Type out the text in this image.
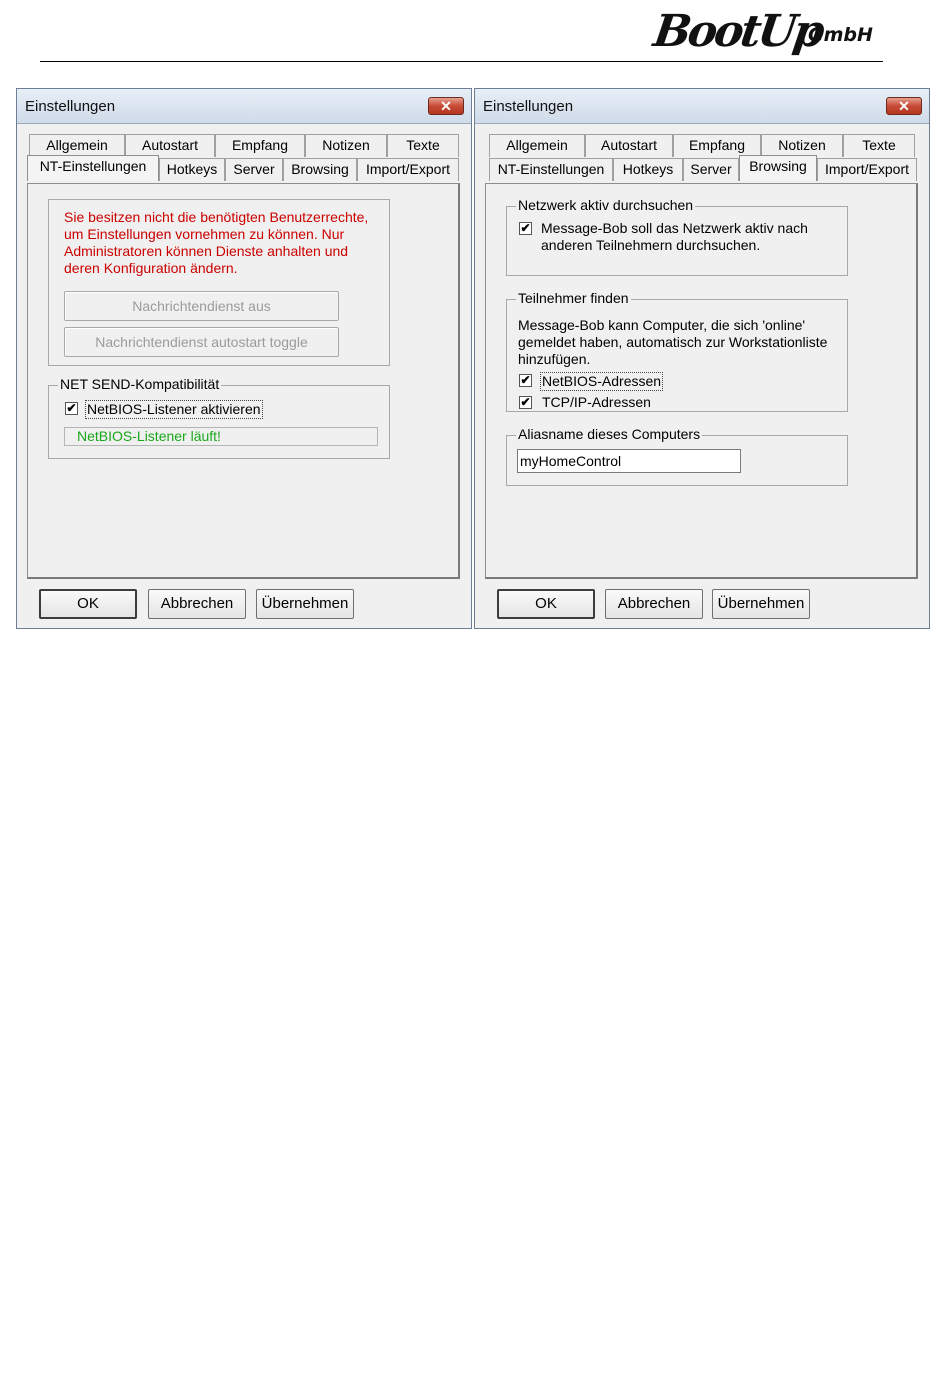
BootUp
GmbH
Einstellungen	✕
Allgemein	Autostart	Empfang	Notizen	Texte
NT-Einstellungen	Hotkeys	Server	Browsing	Import/Export
Sie besitzen nicht die benötigten Benutzerrechte,
um Einstellungen vornehmen zu können. Nur
Administratoren können Dienste anhalten und
deren Konfiguration ändern.
Nachrichtendienst aus
Nachrichtendienst autostart toggle
NET SEND-Kompatibilität
✔ NetBIOS-Listener aktivieren
NetBIOS-Listener läuft!
OK	Abbrechen	Übernehmen
Einstellungen	✕
Allgemein	Autostart	Empfang	Notizen	Texte
NT-Einstellungen	Hotkeys	Server	Browsing	Import/Export
Netzwerk aktiv durchsuchen
✔ Message-Bob soll das Netzwerk aktiv nach
anderen Teilnehmern durchsuchen.
Teilnehmer finden
Message-Bob kann Computer, die sich 'online'
gemeldet haben, automatisch zur Workstationliste
hinzufügen.
✔ NetBIOS-Adressen
✔ TCP/IP-Adressen
Aliasname dieses Computers
myHomeControl
OK	Abbrechen	Übernehmen
